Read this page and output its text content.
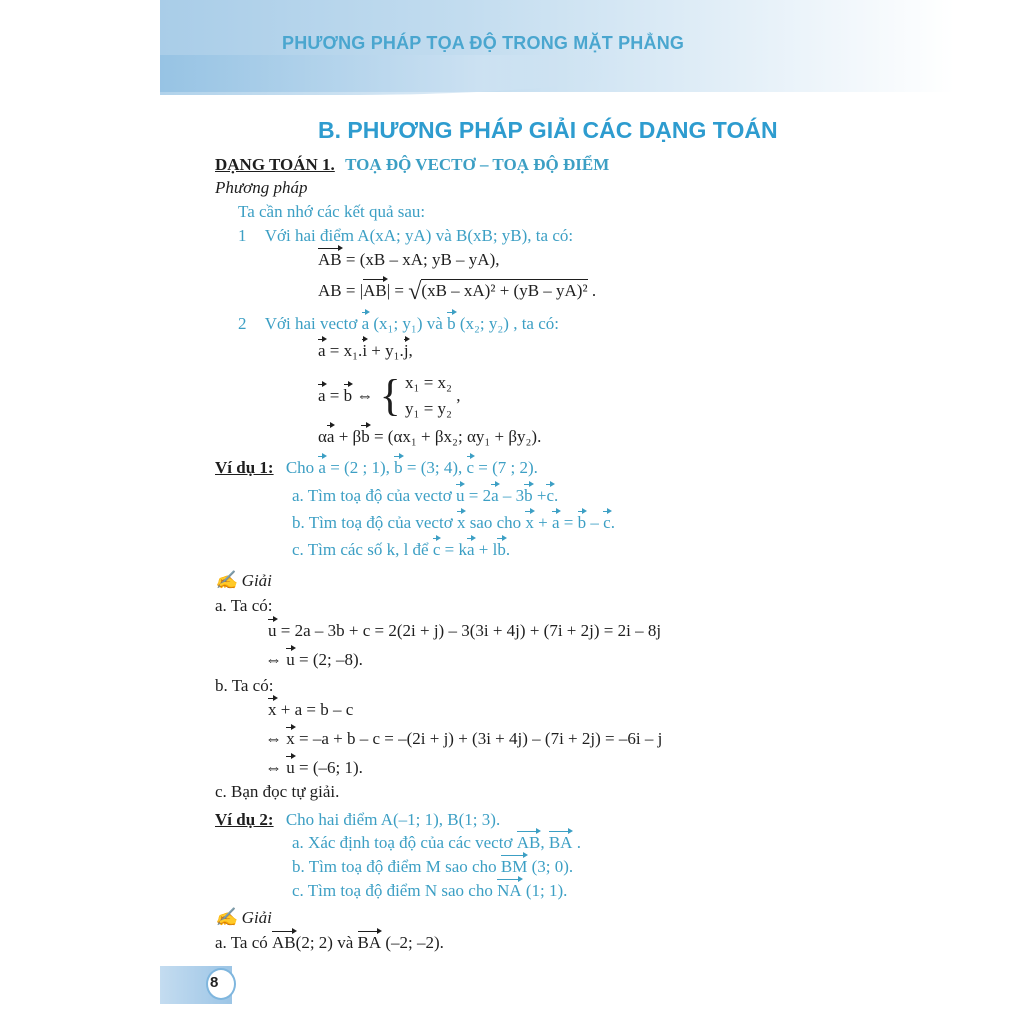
PHƯƠNG PHÁP TỌA ĐỘ TRONG MẶT PHẲNG
B. PHƯƠNG PHÁP GIẢI CÁC DẠNG TOÁN
DẠNG TOÁN 1. TOẠ ĐỘ VECTƠ – TOẠ ĐỘ ĐIỂM
Phương pháp
Ta cần nhớ các kết quả sau:
1 Với hai điểm A(xA; yA) và B(xB; yB), ta có:
AB = (xB – xA; yB – yA),
AB = |AB| = √(xB – xA)² + (yB – yA)² .
2 Với hai vectơ a (x₁; y₁) và b (x₂; y₂) , ta có:
a = x₁.i + y₁.j,
a = b ⇔ { x₁ = x₂
y₁ = y₂ ,
αa + βb = (αx₁ + βx₂; αy₁ + βy₂).
Ví dụ 1: Cho a = (2 ; 1), b = (3; 4), c = (7 ; 2).
a. Tìm toạ độ của vectơ u = 2a – 3b +c.
b. Tìm toạ độ của vectơ x sao cho x + a = b – c.
c. Tìm các số k, l để c = ka + lb.
✍ Giải
a. Ta có:
u = 2a – 3b + c = 2(2i + j) – 3(3i + 4j) + (7i + 2j) = 2i – 8j
⇔ u = (2; –8).
b. Ta có:
x + a = b – c
⇔ x = –a + b – c = –(2i + j) + (3i + 4j) – (7i + 2j) = –6i – j
⇔ u = (–6; 1).
c. Bạn đọc tự giải.
Ví dụ 2: Cho hai điểm A(–1; 1), B(1; 3).
a. Xác định toạ độ của các vectơ AB, BA .
b. Tìm toạ độ điểm M sao cho BM (3; 0).
c. Tìm toạ độ điểm N sao cho NA (1; 1).
✍ Giải
a. Ta có AB(2; 2) và BA (–2; –2).
8
